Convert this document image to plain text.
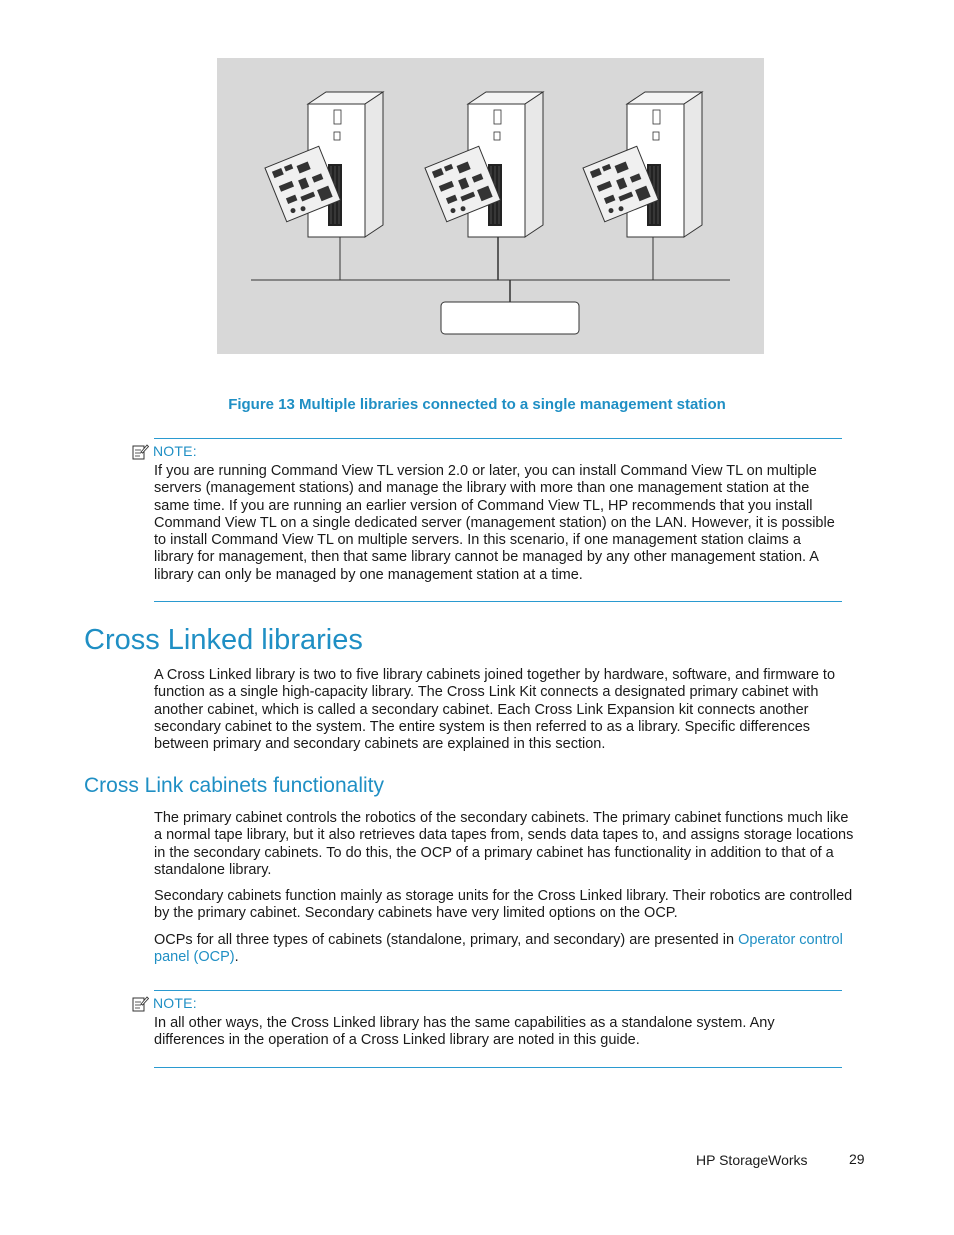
Figure 13 Multiple libraries connected to a single management station
NOTE:
If you are running Command View TL version 2.0 or later, you can install Command View TL on multiple servers (management stations) and manage the library with more than one management station at the same time. If you are running an earlier version of Command View TL, HP recommends that you install Command View TL on a single dedicated server (management station) on the LAN. However, it is possible to install Command View TL on multiple servers. In this scenario, if one management station claims a library for management, then that same library cannot be managed by any other management station. A library can only be managed by one management station at a time.
Cross Linked libraries

A Cross Linked library is two to five library cabinets joined together by hardware, software, and firmware to function as a single high-capacity library. The Cross Link Kit connects a designated primary cabinet with another cabinet, which is called a secondary cabinet. Each Cross Link Expansion kit connects another secondary cabinet to the system. The entire system is then referred to as a library. Specific differences between primary and secondary cabinets are explained in this section.

Cross Link cabinets functionality

The primary cabinet controls the robotics of the secondary cabinets. The primary cabinet functions much like a normal tape library, but it also retrieves data tapes from, sends data tapes to, and assigns storage locations in the secondary cabinets. To do this, the OCP of a primary cabinet has functionality in addition to that of a standalone library.

Secondary cabinets function mainly as storage units for the Cross Linked library. Their robotics are controlled by the primary cabinet. Secondary cabinets have very limited options on the OCP.

OCPs for all three types of cabinets (standalone, primary, and secondary) are presented in Operator control panel (OCP).

NOTE:
In all other ways, the Cross Linked library has the same capabilities as a standalone system. Any differences in the operation of a Cross Linked library are noted in this guide.
HP StorageWorks	29
